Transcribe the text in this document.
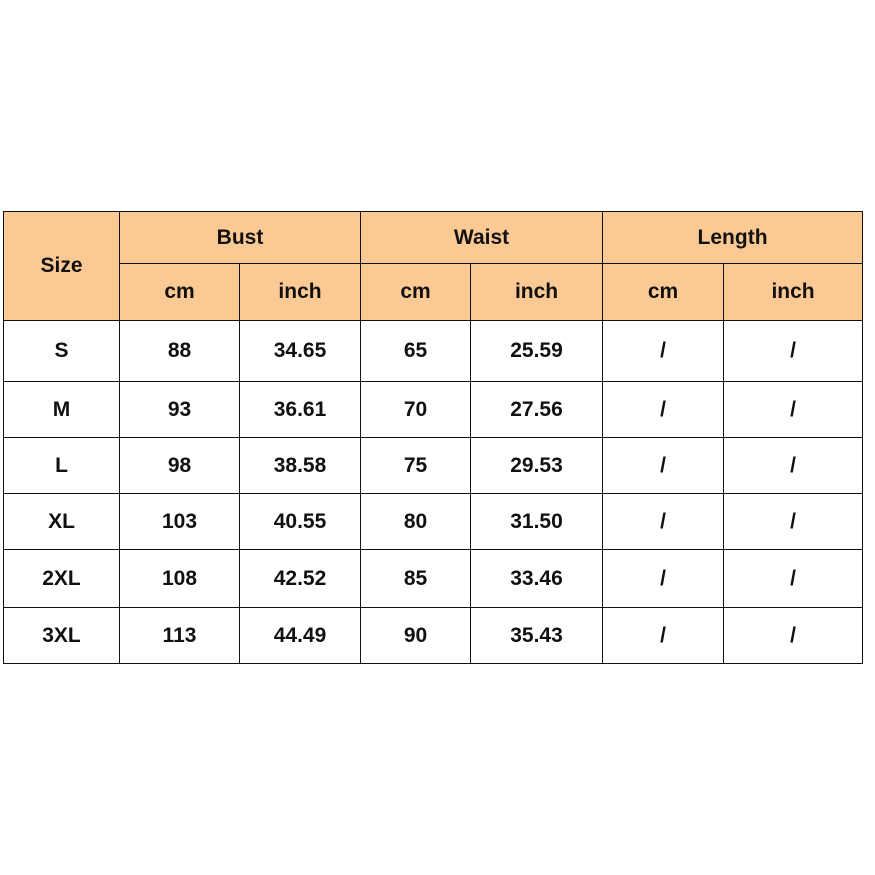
Size	Bust		Waist		Length	
	cm	inch	cm	inch	cm	inch
S	88	34.65	65	25.59	/	/
M	93	36.61	70	27.56	/	/
L	98	38.58	75	29.53	/	/
XL	103	40.55	80	31.50	/	/
2XL	108	42.52	85	33.46	/	/
3XL	113	44.49	90	35.43	/	/
